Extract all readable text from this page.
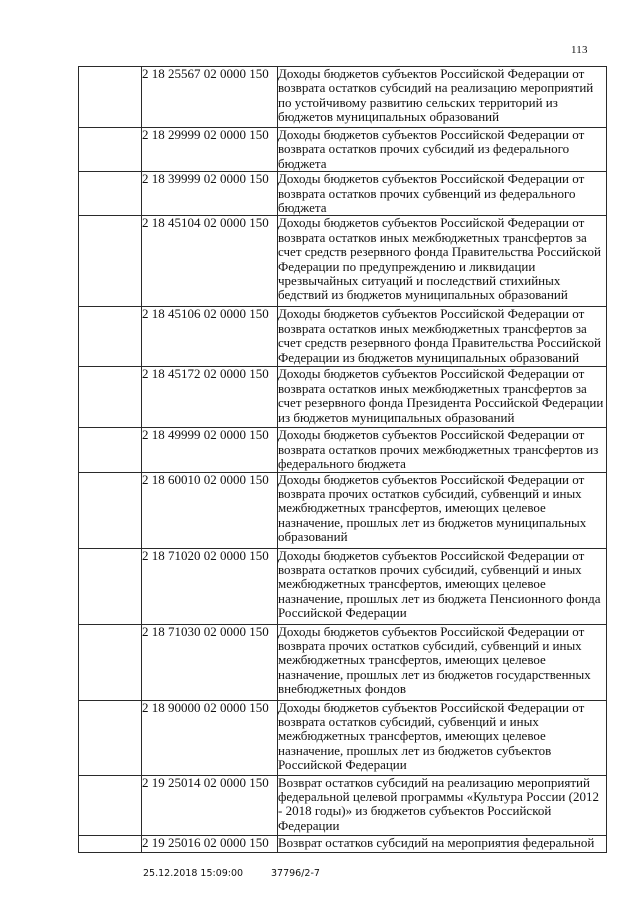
113
	2 18 25567 02 0000 150	Доходы бюджетов субъектов Российской Федерации от возврата остатков субсидий на реализацию мероприятий по устойчивому развитию сельских территорий из бюджетов муниципальных образований
	2 18 29999 02 0000 150	Доходы бюджетов субъектов Российской Федерации от возврата остатков прочих субсидий из федерального бюджета
	2 18 39999 02 0000 150	Доходы бюджетов субъектов Российской Федерации от возврата остатков прочих субвенций из федерального бюджета
	2 18 45104 02 0000 150	Доходы бюджетов субъектов Российской Федерации от возврата остатков иных межбюджетных трансфертов за счет средств резервного фонда Правительства Российской Федерации по предупреждению и ликвидации чрезвычайных ситуаций и последствий стихийных бедствий из бюджетов муниципальных образований
	2 18 45106 02 0000 150	Доходы бюджетов субъектов Российской Федерации от возврата остатков иных межбюджетных трансфертов за счет средств резервного фонда Правительства Российской Федерации из бюджетов муниципальных образований
	2 18 45172 02 0000 150	Доходы бюджетов субъектов Российской Федерации от возврата остатков иных межбюджетных трансфертов за счет резервного фонда Президента Российской Федерации из бюджетов муниципальных образований
	2 18 49999 02 0000 150	Доходы бюджетов субъектов Российской Федерации от возврата остатков прочих межбюджетных трансфертов из федерального бюджета
	2 18 60010 02 0000 150	Доходы бюджетов субъектов Российской Федерации от возврата прочих остатков субсидий, субвенций и иных межбюджетных трансфертов, имеющих целевое назначение, прошлых лет из бюджетов муниципальных образований
	2 18 71020 02 0000 150	Доходы бюджетов субъектов Российской Федерации от возврата остатков прочих субсидий, субвенций и иных межбюджетных трансфертов, имеющих целевое назначение, прошлых лет из бюджета Пенсионного фонда Российской Федерации
	2 18 71030 02 0000 150	Доходы бюджетов субъектов Российской Федерации от возврата прочих остатков субсидий, субвенций и иных межбюджетных трансфертов, имеющих целевое назначение, прошлых лет из бюджетов государственных внебюджетных фондов
	2 18 90000 02 0000 150	Доходы бюджетов субъектов Российской Федерации от возврата остатков субсидий, субвенций и иных межбюджетных трансфертов, имеющих целевое назначение, прошлых лет из бюджетов субъектов Российской Федерации
	2 19 25014 02 0000 150	Возврат остатков субсидий на реализацию мероприятий федеральной целевой программы «Культура России (2012 - 2018 годы)» из бюджетов субъектов Российской Федерации
	2 19 25016 02 0000 150	Возврат остатков субсидий на мероприятия федеральной
25.12.2018 15:09:00	37796/2-7
